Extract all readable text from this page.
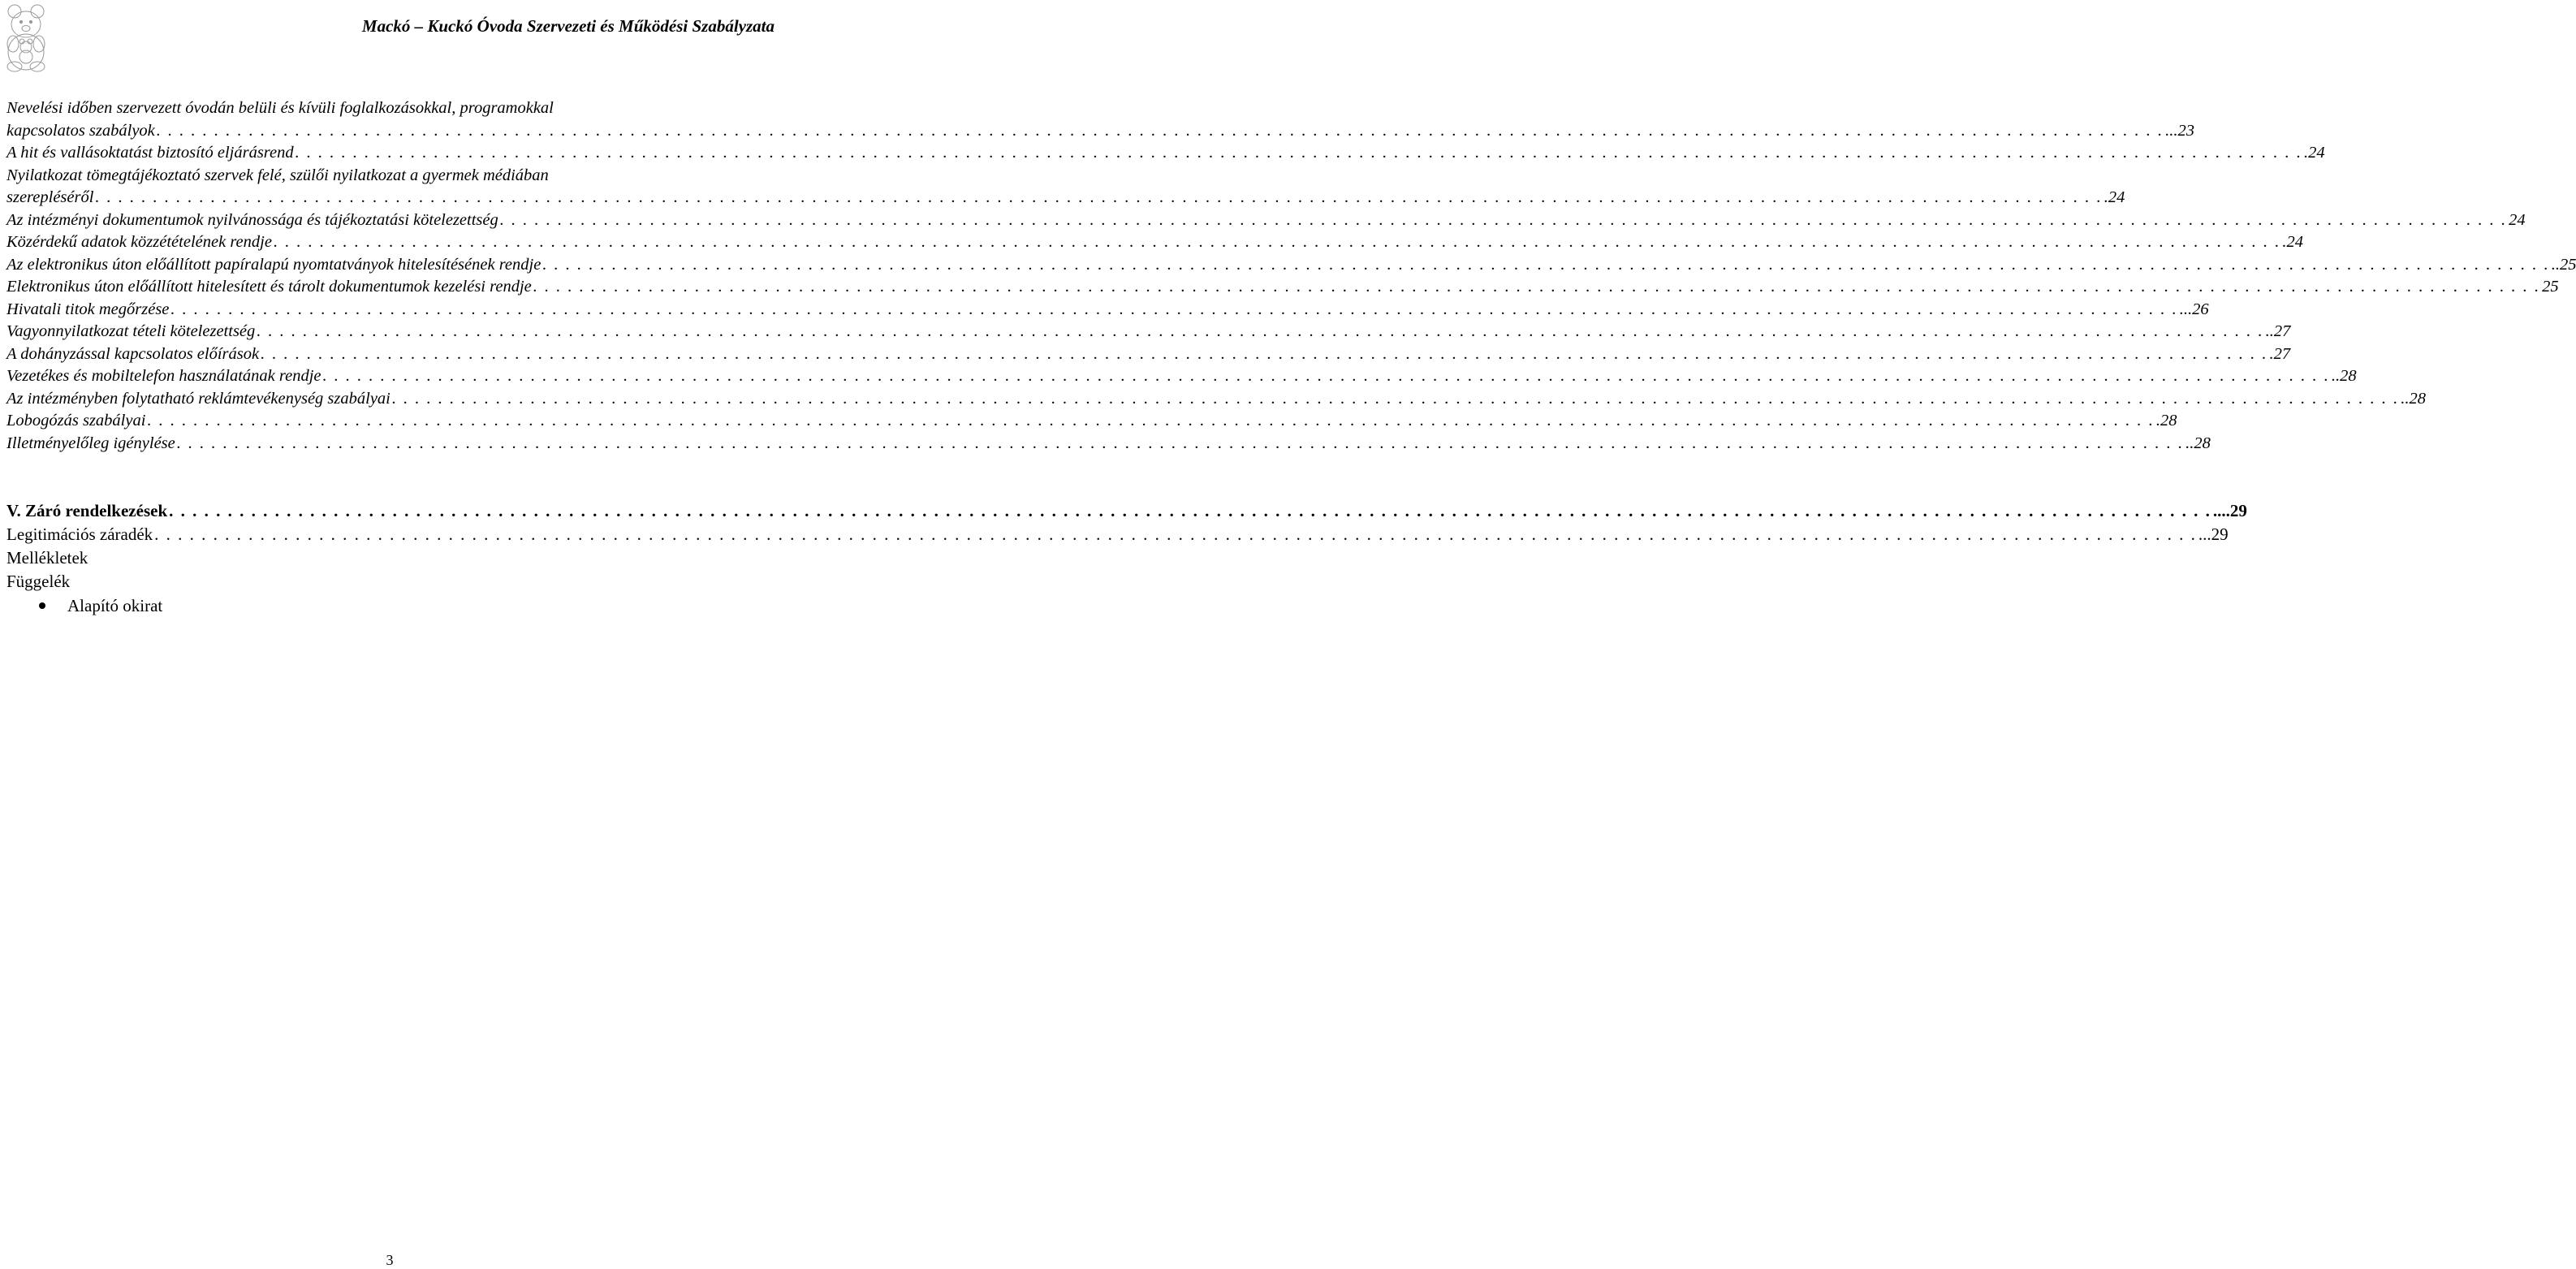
Mackó – Kuckó Óvoda Szervezeti és Működési Szabályzata
Nevelési időben szervezett óvodán belüli és kívüli foglalkozásokkal, programokkal
kapcsolatos szabályok . . .	...23
A hit és vallásoktatást biztosító eljárásrend . . .	.24
Nyilatkozat tömegtájékoztató szervek felé, szülői nyilatkozat a gyermek médiában
szerepléséről . . .	.24
Az intézményi dokumentumok nyilvánossága és tájékoztatási kötelezettség . . .	24
Közérdekű adatok közzétételének rendje . . .	.24
Az elektronikus úton előállított papíralapú nyomtatványok hitelesítésének rendje . . .	..25
Elektronikus úton előállított hitelesített és tárolt dokumentumok kezelési rendje . . .	25
Hivatali titok megőrzése . . .	...26
Vagyonnyilatkozat tételi kötelezettség . . .	..27
A dohányzással kapcsolatos előírások . . .	.27
Vezetékes és mobiltelefon használatának rendje . . .	..28
Az intézményben folytatható reklámtevékenység szabályai . . .	..28
Lobogózás szabályai . . .	.28
Illetményelőleg igénylése . . .	..28
V. Záró rendelkezések . . .	....29
Legitimációs záradék . . .	...29
Mellékletek
Függelék
Alapító okirat
3
